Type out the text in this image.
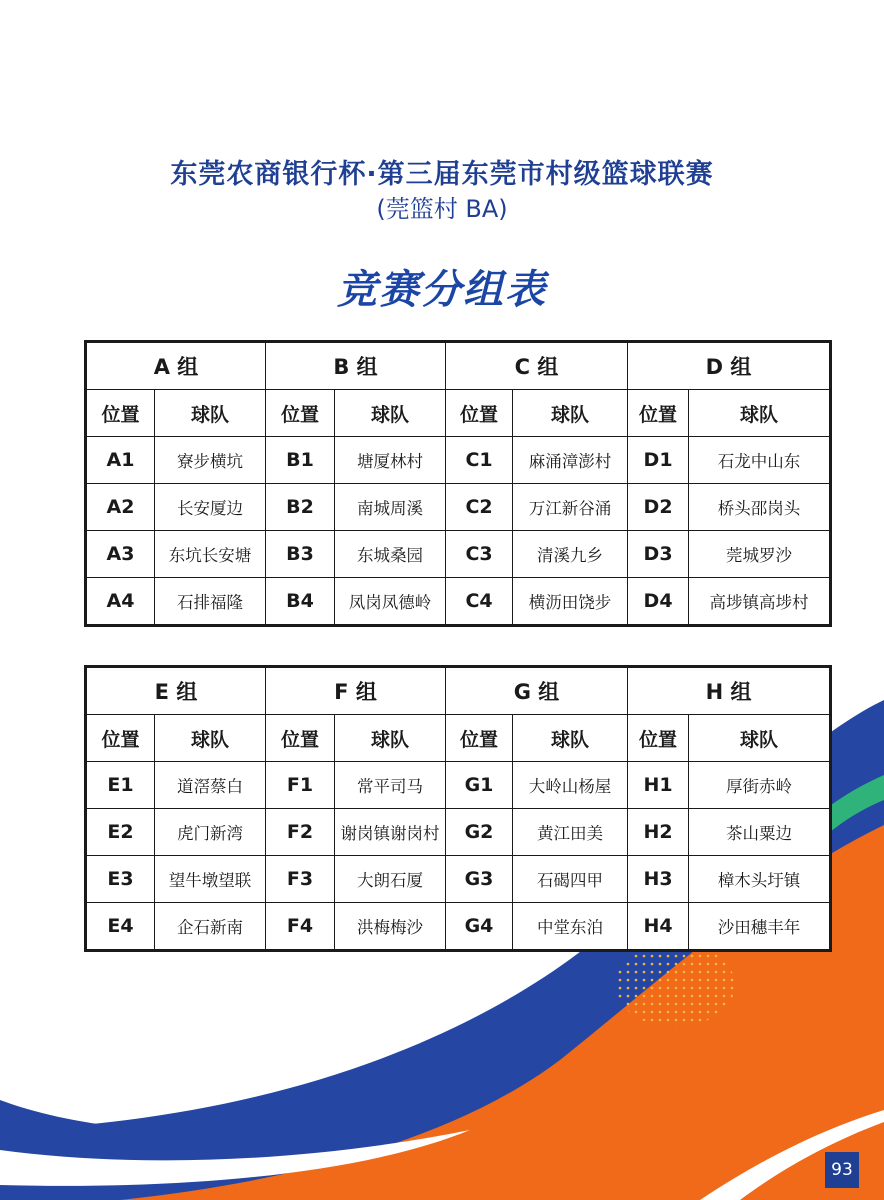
东莞农商银行杯·第三届东莞市村级篮球联赛
(莞篮村 BA)
竞赛分组表
A 组		B 组		C 组		D 组	
位置	球队	位置	球队	位置	球队	位置	球队
A1	寮步横坑	B1	塘厦林村	C1	麻涌漳澎村	D1	石龙中山东
A2	长安厦边	B2	南城周溪	C2	万江新谷涌	D2	桥头邵岗头
A3	东坑长安塘	B3	东城桑园	C3	清溪九乡	D3	莞城罗沙
A4	石排福隆	B4	凤岗凤德岭	C4	横沥田饶步	D4	高埗镇高埗村
E 组		F 组		G 组		H 组	
位置	球队	位置	球队	位置	球队	位置	球队
E1	道滘蔡白	F1	常平司马	G1	大岭山杨屋	H1	厚街赤岭
E2	虎门新湾	F2	谢岗镇谢岗村	G2	黄江田美	H2	茶山粟边
E3	望牛墩望联	F3	大朗石厦	G3	石碣四甲	H3	樟木头圩镇
E4	企石新南	F4	洪梅梅沙	G4	中堂东泊	H4	沙田穗丰年
93
